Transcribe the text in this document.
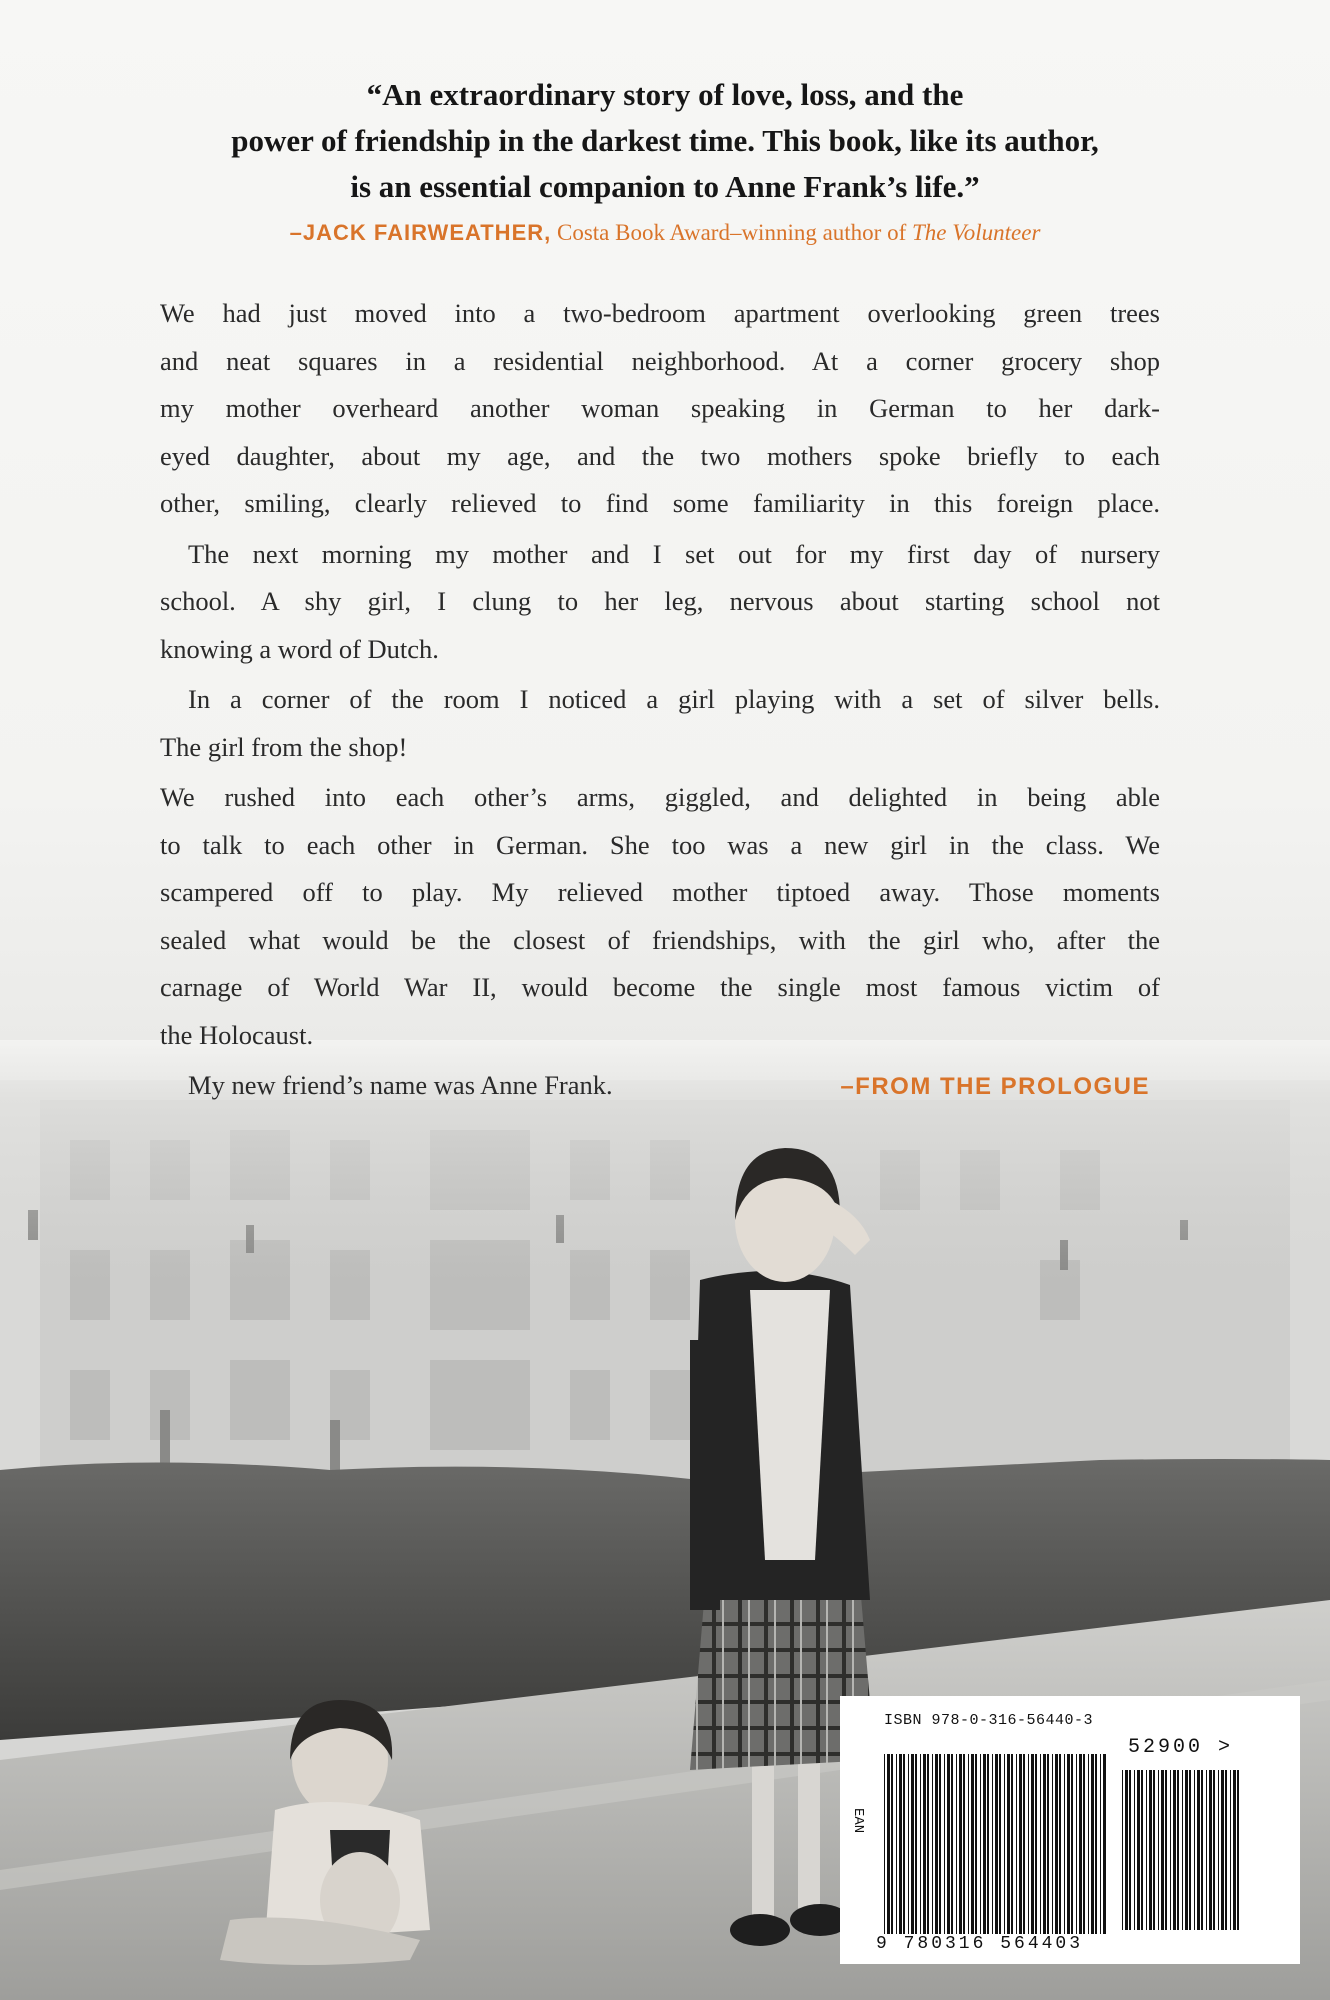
“An extraordinary story of love, loss, and the
power of friendship in the darkest time. This book, like its author,
is an essential companion to Anne Frank’s life.”
–JACK FAIRWEATHER, Costa Book Award–winning author of The Volunteer
We had just moved into a two-bedroom apartment overlooking green trees
and neat squares in a residential neighborhood. At a corner grocery shop
my mother overheard another woman speaking in German to her dark-
eyed daughter, about my age, and the two mothers spoke briefly to each
other, smiling, clearly relieved to find some familiarity in this foreign place.
The next morning my mother and I set out for my first day of nursery
school. A shy girl, I clung to her leg, nervous about starting school not
knowing a word of Dutch.
In a corner of the room I noticed a girl playing with a set of silver bells.
The girl from the shop!
We rushed into each other’s arms, giggled, and delighted in being able
to talk to each other in German. She too was a new girl in the class. We
scampered off to play. My relieved mother tiptoed away. Those moments
sealed what would be the closest of friendships, with the girl who, after the
carnage of World War II, would become the single most famous victim of
the Holocaust.
My new friend’s name was Anne Frank.	–FROM THE PROLOGUE
ISBN 978-0-316-56440-3
52900 >
EAN
9 780316 564403
